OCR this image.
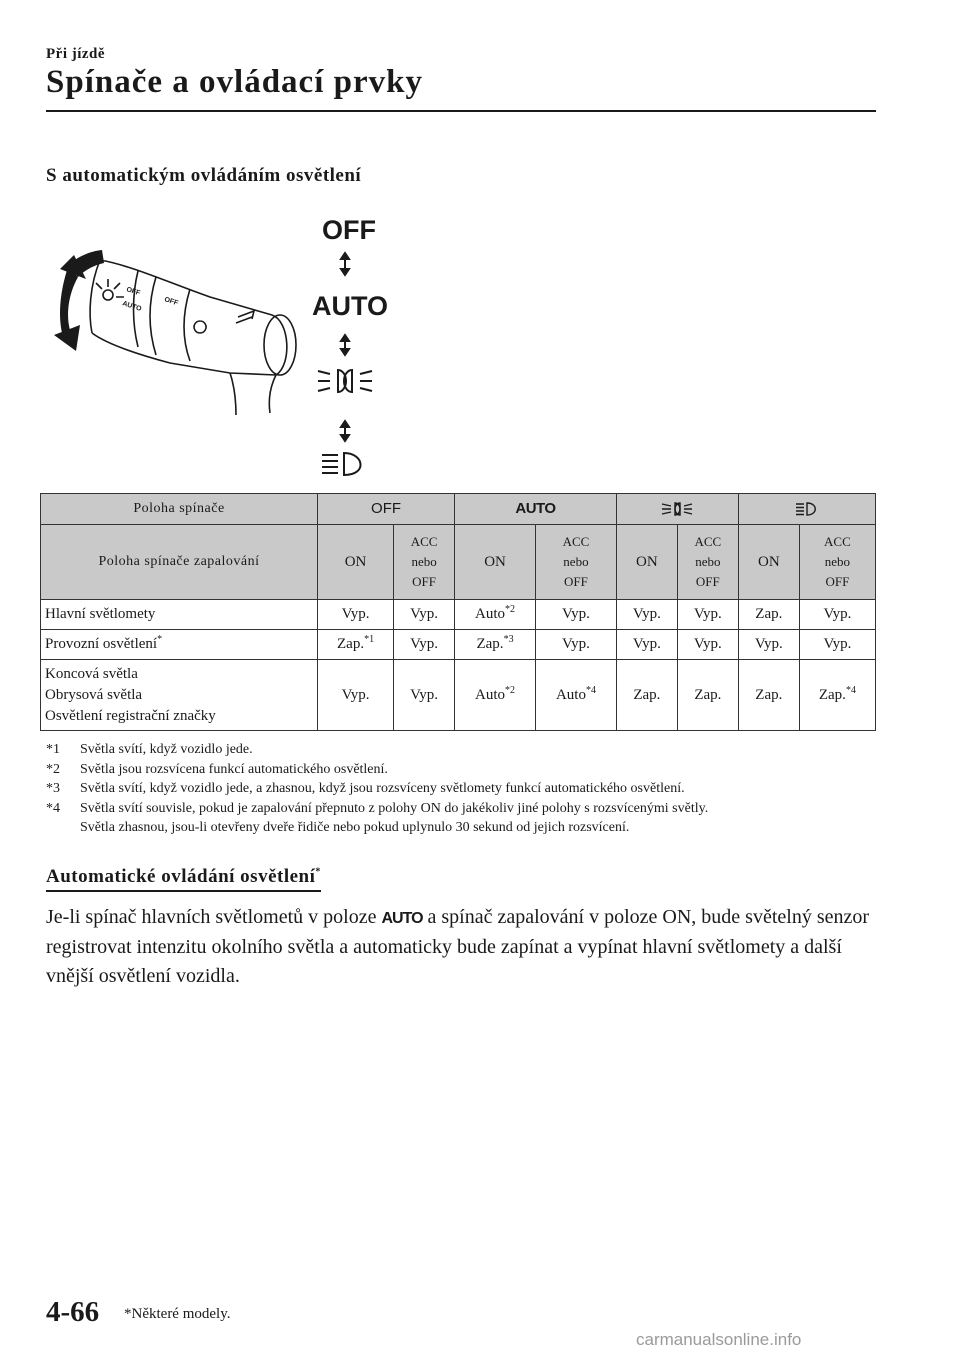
Při jízdě
Spínače a ovládací prvky
S automatickým ovládáním osvětlení
OFF
AUTO	OFF
OFF
AUTO
Poloha spínače	OFF		AUTO	

Poloha spínače zapalování	ON	ACC
nebo
OFF	ON	ACC
nebo
OFF	ON	ACC
nebo
OFF	ON	ACC
nebo
OFF

Hlavní světlomety	Vyp.	Vyp.	Auto$^{*2}$	Vyp.	Vyp.	Vyp.	Zap.	Vyp.
Provozní osvětlení*	Zap.$^{*1}$	Vyp.	Zap.$^{*3}$	Vyp.	Vyp.	Vyp.	Vyp.	Vyp.

Koncová světla
Obrysová světla
Osvětlení registrační značky	Vyp.	Vyp.	Auto$^{*2}$	Auto$^{*4}$	Zap.	Zap.	Zap.	Zap.$^{*4}$
*1	Světla svítí, když vozidlo jede.
*2	Světla jsou rozsvícena funkcí automatického osvětlení.
*3	Světla svítí, když vozidlo jede, a zhasnou, když jsou rozsvíceny světlomety funkcí automatického osvětlení.
*4	Světla svítí souvisle, pokud je zapalování přepnuto z polohy ON do jakékoliv jiné polohy s rozsvícenými světly.
Světla zhasnou, jsou-li otevřeny dveře řidiče nebo pokud uplynulo 30 sekund od jejich rozsvícení.
Automatické ovládání osvětlení*

Je-li spínač hlavních světlometů v poloze AUTO a spínač zapalování v poloze ON, bude světelný senzor registrovat intenzitu okolního světla a automaticky bude zapínat a vypínat hlavní světlomety a další vnější osvětlení vozidla.

4-66 *Některé modely.
carmanualsonline.info
